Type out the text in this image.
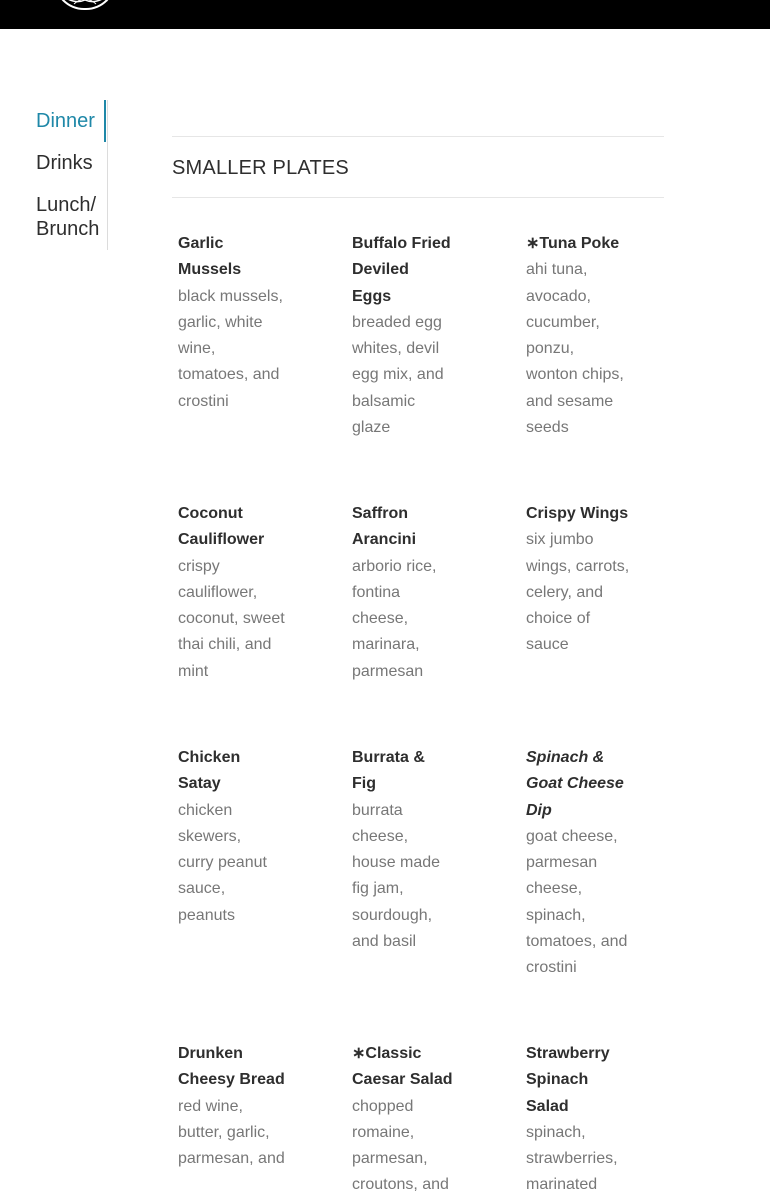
Dinner
Drinks
Lunch/ Brunch
SMALLER PLATES
Garlic Mussels
black mussels, garlic, white wine, tomatoes, and crostini
Buffalo Fried Deviled Eggs
breaded egg whites, devil egg mix, and balsamic glaze
∗Tuna Poke
ahi tuna, avocado, cucumber, ponzu, wonton chips, and sesame seeds
Coconut Cauliflower
crispy cauliflower, coconut, sweet thai chili, and mint
Saffron Arancini
arborio rice, fontina cheese, marinara, parmesan
Crispy Wings
six jumbo wings, carrots, celery, and choice of sauce
Chicken Satay
chicken skewers, curry peanut sauce, peanuts
Burrata & Fig
burrata cheese, house made fig jam, sourdough, and basil
Spinach & Goat Cheese Dip
goat cheese, parmesan cheese, spinach, tomatoes, and crostini
Drunken Cheesy Bread
red wine, butter, garlic, parmesan, and
∗Classic Caesar Salad
chopped romaine, parmesan, croutons, and
Strawberry Spinach Salad
spinach, strawberries, marinated
